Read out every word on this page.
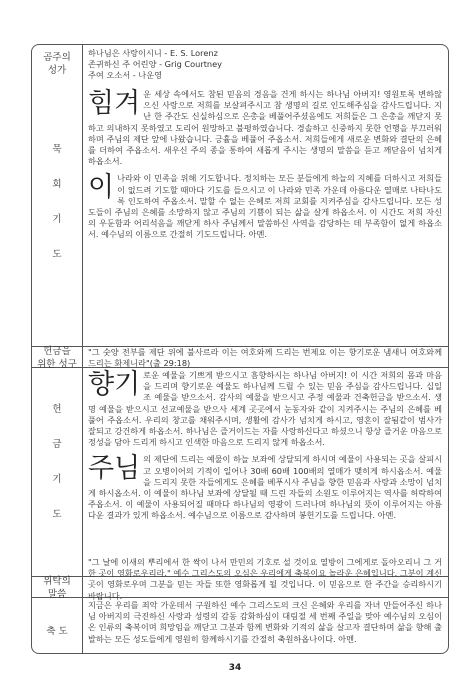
곰주의
성가

하나님은 사랑이시니 - E. S. Lorenz

존귀하신 주 어린양 - Grig Courtney

주여 오소서 - 나운영

묵
회
기
도

힘겨 운 세상 속에서도 참된 믿음의 경음을 건게 하시는 하나님 아버지! 영원토록 변하않으신 사랑으로 저희를 보살펴주시고 참 생명의 길로 인도해주심을 감사드립니다. 지난 한 주간도 신실하심으로 은총을 베풀어주셨음에도 저희들은 그 은총을 깨닫지 못하고 의내하지 못하였고 도리어 원망하고 불평하였습니다. 경솔하고 신중하지 못한 언행을 부끄러워하며 주님의 제단 앞에 나왔습니다. 긍휼을 베풀어 주옵소서. 저희들에게 새로운 변화와 결단의 은혜를 더하여 주옵소서. 새우신 주의 종을 통하여 새롭게 주시는 생명의 말씀을 듣고 깨닫음이 넘치게 하옵소서.

이나라와 이 민족을 위해 기도합니다. 정치하는 모든 분들에게 하늘의 지혜를 더하시고 저희들이 없드려 기도할 때마다 기도를 들으시고 이 나라와 민족 가운데 아름다운 열매로 나타나도록 인도하여 주옵소서. 말할 수 없는 은혜로 저희 교회를 지켜주심을 감사드립니다. 모든 성도들이 주님의 은혜를 소망하지 않고 주님의 기쁨이 되는 삶을 살게 하옵소서. 이 시간도 저희 자신의 우둔함과 어리석음을 깨닫게 하사 주님께서 말씀하신 사역을 감당하는 데 부족함이 없게 하옵소서. 예수님의 이름으로 간절히 기도드립니다. 아멘.

헌금을
위한 성구

"그 숫양 전부를 제단 위에 불사르라 이는 여호와께 드리는 번제요 이는 향기로운 냄새니 여호와께 드리는 화제니라"(출 29:18)

헌
금
기
도

향기 로운 예물을 기쁘게 받으시고 흠향하시는 하나님 아버지! 이 시간 저희의 몸과 마음을 드리며 향기로운 예물도 하나님께 드릴 수 있는 믿음 주심을 감사드립니다. 십일조 예물을 받으소서. 감사의 예물을 받으시고 주정 예물과 건축헌금을 받으소서. 생명 예물을 받으시고 선교예물을 받으사 세계 곳곳에서 눈동자와 같이 지켜주시는 주님의 은혜를 베풀어 주옵소서. 우리의 창고를 채워주시며, 생활에 감사가 넘치게 하시고, 영혼이 잘됨같이 범사가 잘되고 강건하게 하옵소서. 하나님은 즐거이드는 자를 사랑하신다고 하셨으니 항상 즐거운 마음으로 정성을 담아 드리게 하시고 인색한 마음으로 드리지 않게 하옵소서.

주님 의 제단에 드리는 예물이 하늘 보좌에 상달되게 하시며 예물이 사용되는 곳을 살피시고 오병이어의 기적이 일어나 30배 60배 100배의 열매가 맺히게 하시옵소서. 예물을 드리지 못한 자들에게도 은혜를 베푸시사 주님을 향한 믿음과 사랑과 소망이 넘치게 하시옵소서. 이 예물이 하나님 보좌에 상달될 때 드린 자들의 소원도 이루어지는 역사를 허락하여 주옵소서. 이 예물이 사용되어질 때마다 하나님의 영광이 드러나며 하나님의 뜻이 이루어지는 아름다운 결과가 있게 하옵소서. 예수님으로 이름으로 감사하며 봉헌기도를 드립니다. 아멘.

위탁의
말씀

"그 날에 이새의 뿌리에서 한 싹이 나서 만민의 기호로 설 것이요 열방이 그에게로 돌아오리니 그 거한 곳이 영화로우리라." 예수 그리스도의 오심은 우리에게 축복이요 놀라운 은혜입니다. 그분이 계신 곳이 영화로우며 그분을 믿는 자들 또한 영화롭게 될 것입니다. 이 믿음으로 한 주간을 승리하시기 바랍니다.

축 도

지금은 우리를 죄악 가운데서 구원하신 예수 그리스도의 크신 은혜와 우리를 자녀 만들어주신 하나님 아버지의 극진하신 사랑과 성령의 감동 감화하심이 대림절 세 번째 주일을 맞아 예수님의 오심이 온 인류의 축복이며 희망임을 깨닫고 그분과 함께 변화와 기적의 삶을 살고자 결단하며 삶을 향해 출발하는 모든 성도들에게 영원히 함께하시기를 간절히 축원하옵나이다. 아멘.

34
